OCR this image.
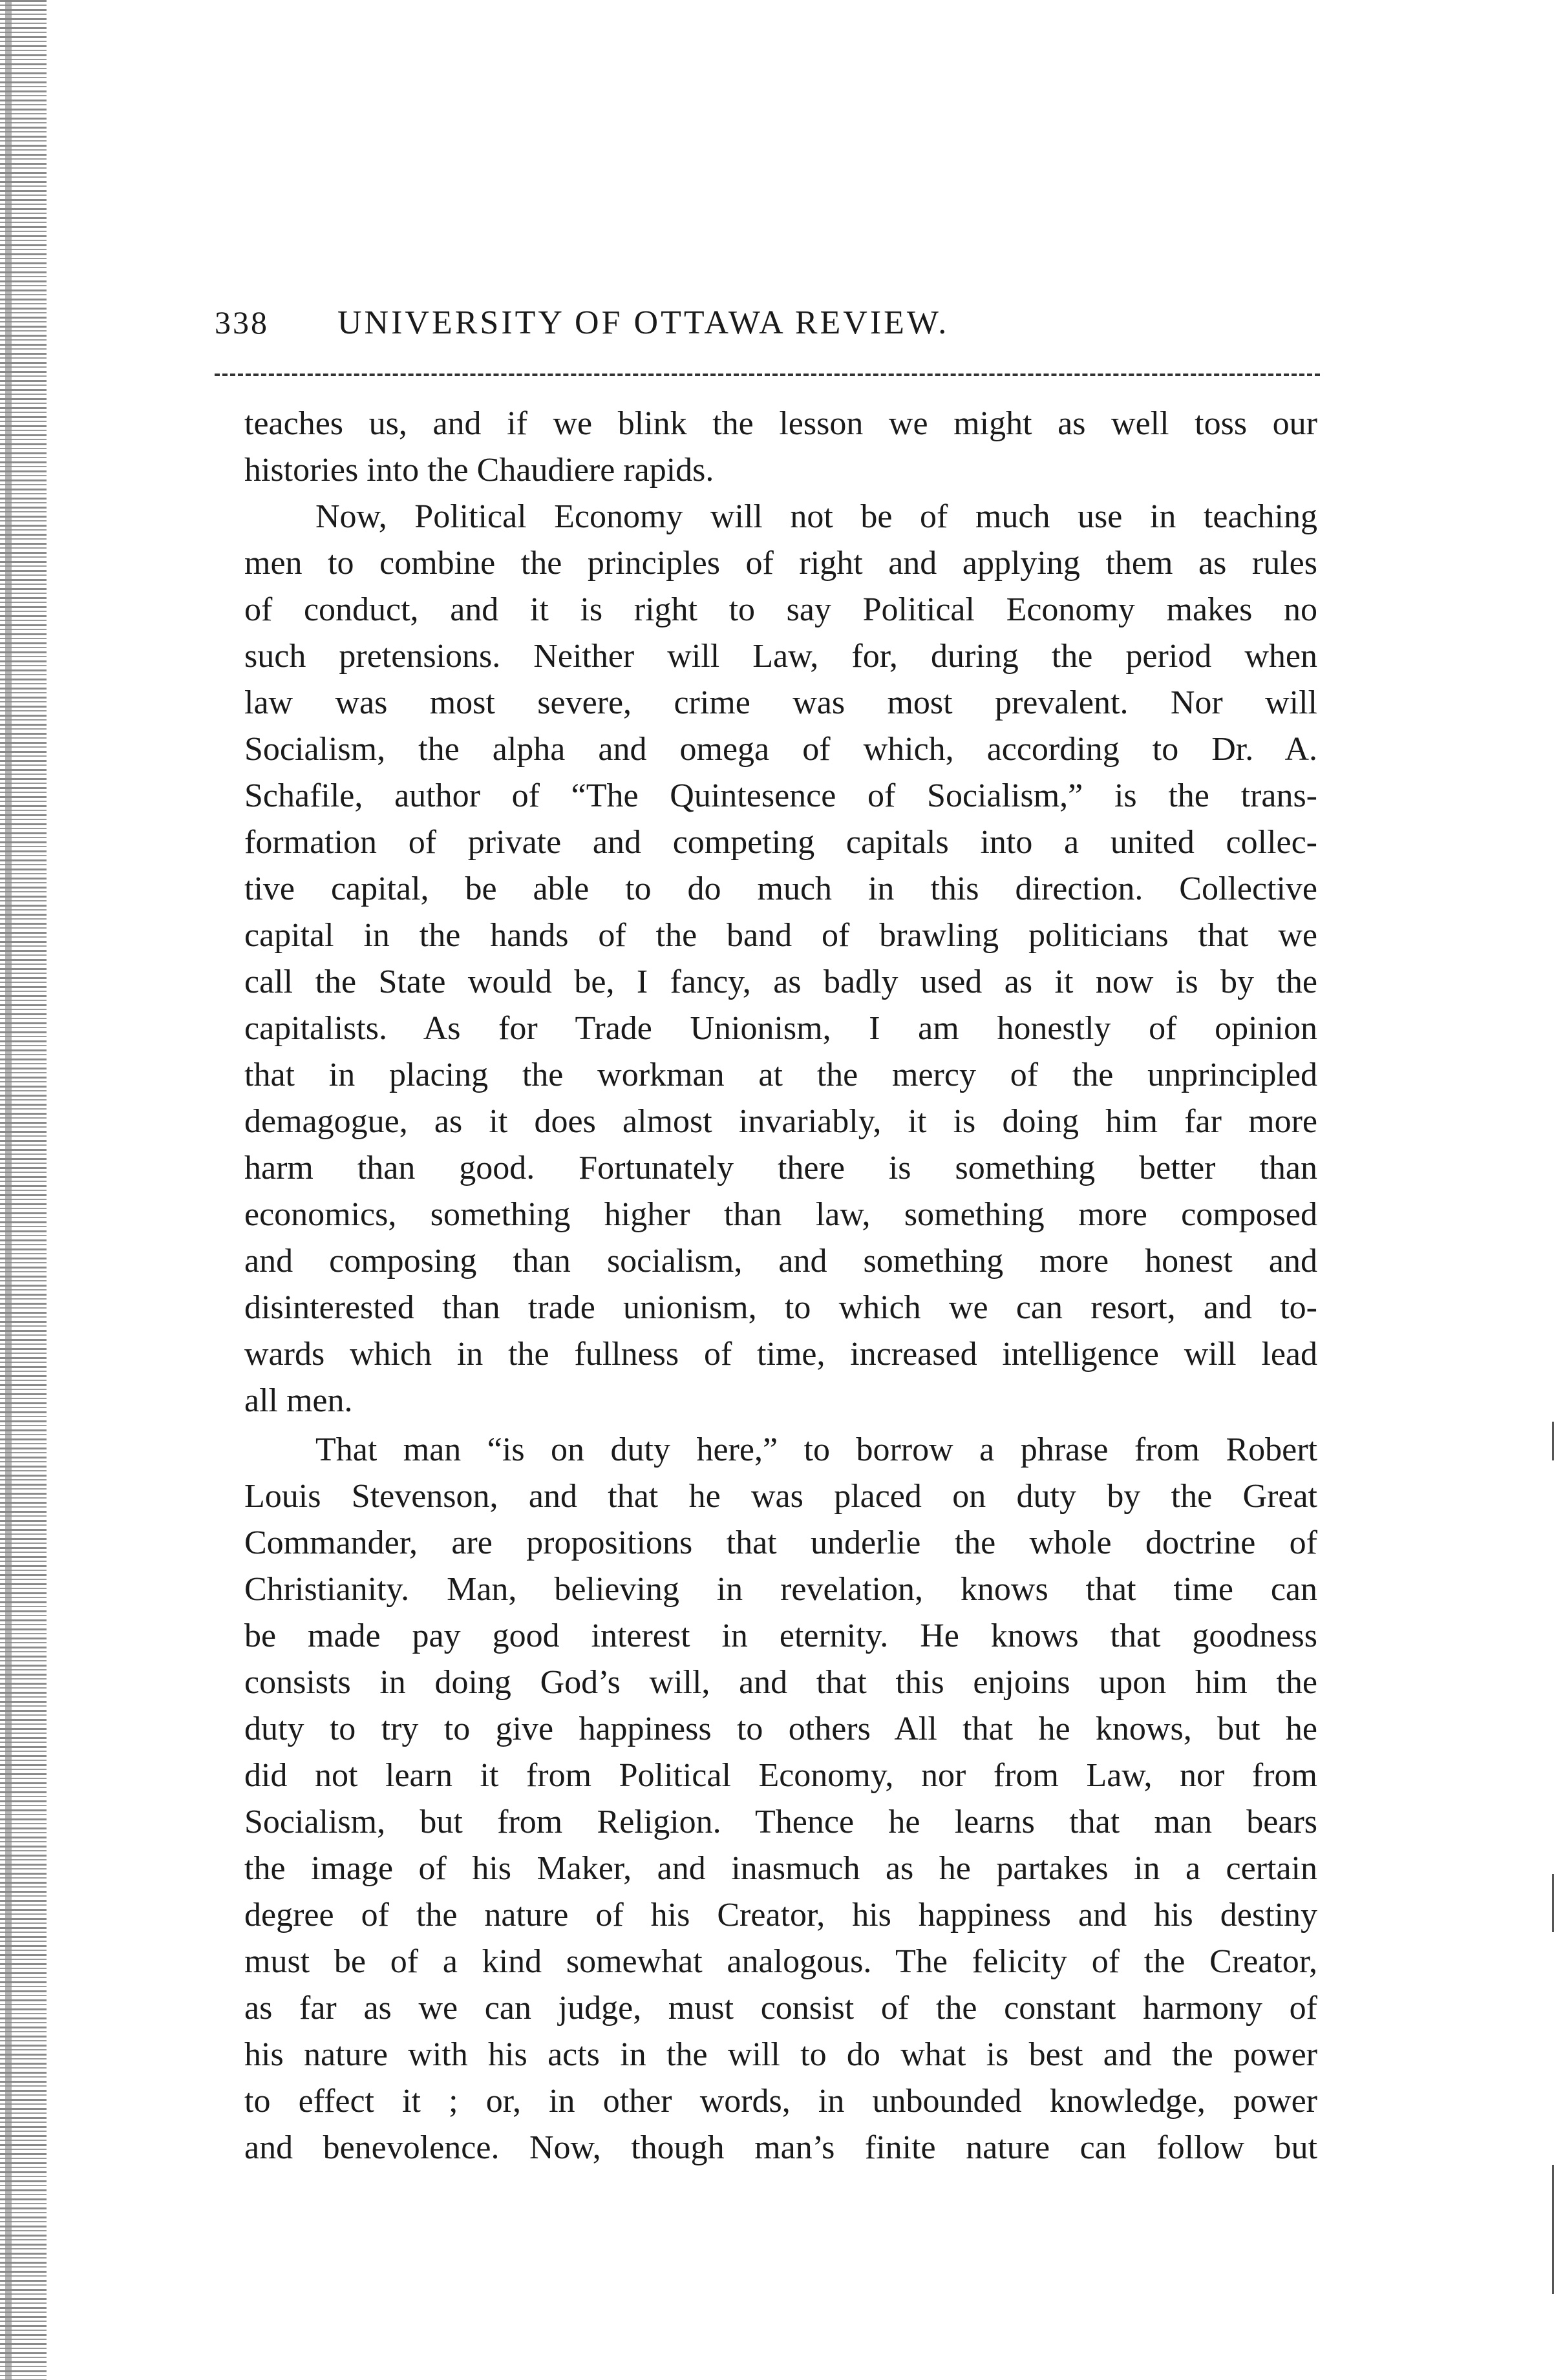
338	UNIVERSITY OF OTTAWA REVIEW.
teaches us, and if we blink the lesson we might as well toss our
histories into the Chaudiere rapids.
Now, Political Economy will not be of much use in teaching
men to combine the principles of right and applying them as rules
of conduct, and it is right to say Political Economy makes no
such pretensions. Neither will Law, for, during the period when
law was most severe, crime was most prevalent. Nor will
Socialism, the alpha and omega of which, according to Dr. A.
Schafile, author of “The Quintesence of Socialism,” is the trans-
formation of private and competing capitals into a united collec-
tive capital, be able to do much in this direction. Collective
capital in the hands of the band of brawling politicians that we
call the State would be, I fancy, as badly used as it now is by the
capitalists. As for Trade Unionism, I am honestly of opinion
that in placing the workman at the mercy of the unprincipled
demagogue, as it does almost invariably, it is doing him far more
harm than good. Fortunately there is something better than
economics, something higher than law, something more composed
and composing than socialism, and something more honest and
disinterested than trade unionism, to which we can resort, and to-
wards which in the fullness of time, increased intelligence will lead
all men.
That man “is on duty here,” to borrow a phrase from Robert
Louis Stevenson, and that he was placed on duty by the Great
Commander, are propositions that underlie the whole doctrine of
Christianity. Man, believing in revelation, knows that time can
be made pay good interest in eternity. He knows that goodness
consists in doing God’s will, and that this enjoins upon him the
duty to try to give happiness to others All that he knows, but he
did not learn it from Political Economy, nor from Law, nor from
Socialism, but from Religion. Thence he learns that man bears
the image of his Maker, and inasmuch as he partakes in a certain
degree of the nature of his Creator, his happiness and his destiny
must be of a kind somewhat analogous. The felicity of the Creator,
as far as we can judge, must consist of the constant harmony of
his nature with his acts in the will to do what is best and the power
to effect it ; or, in other words, in unbounded knowledge, power
and benevolence. Now, though man’s finite nature can follow but
